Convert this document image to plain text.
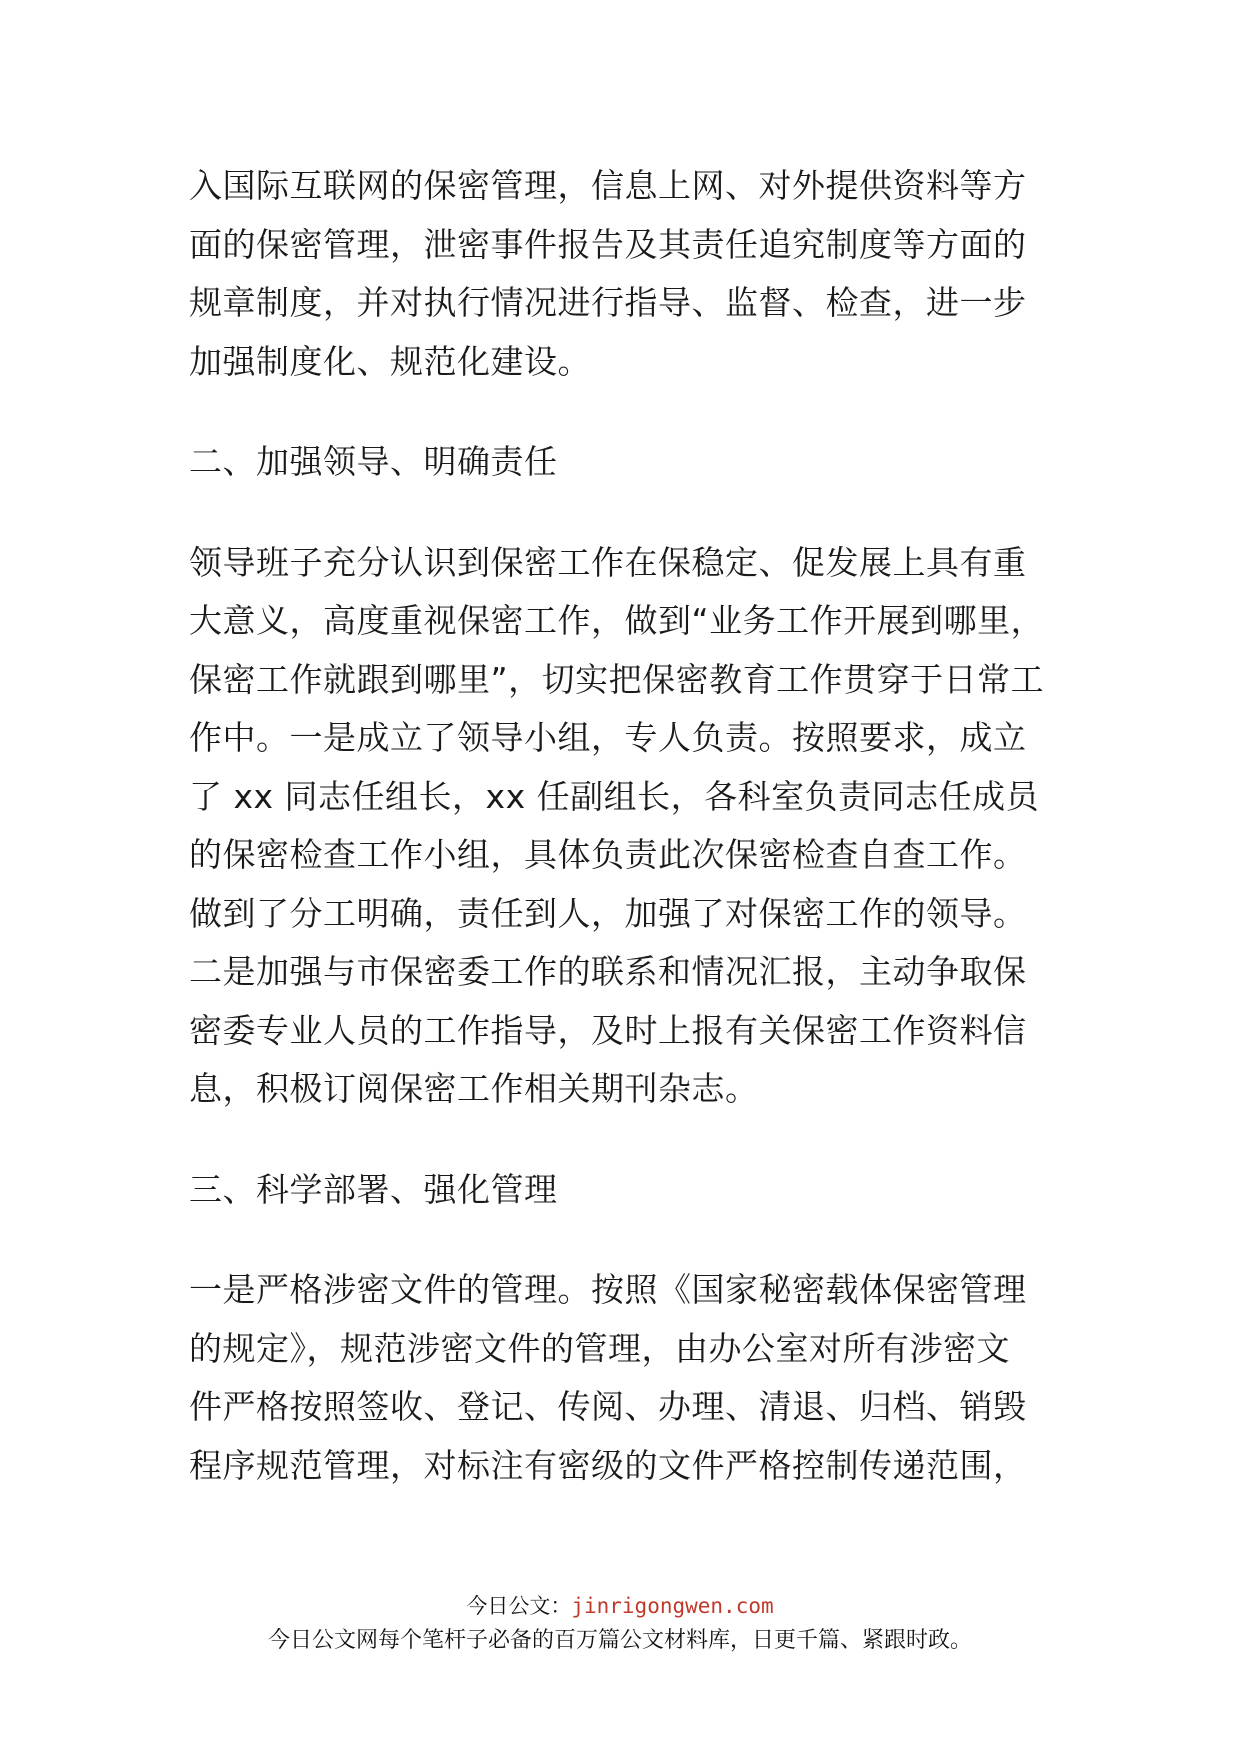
入国际互联网的保密管理，信息上网、对外提供资料等方
面的保密管理，泄密事件报告及其责任追究制度等方面的
规章制度，并对执行情况进行指导、监督、检查，进一步
加强制度化、规范化建设。
二、加强领导、明确责任
领导班子充分认识到保密工作在保稳定、促发展上具有重
大意义，高度重视保密工作，做到“业务工作开展到哪里，
保密工作就跟到哪里”，切实把保密教育工作贯穿于日常工
作中。一是成立了领导小组，专人负责。按照要求，成立
了 xx 同志任组长，xx 任副组长，各科室负责同志任成员
的保密检查工作小组，具体负责此次保密检查自查工作。
做到了分工明确，责任到人，加强了对保密工作的领导。
二是加强与市保密委工作的联系和情况汇报，主动争取保
密委专业人员的工作指导，及时上报有关保密工作资料信
息，积极订阅保密工作相关期刊杂志。
三、科学部署、强化管理
一是严格涉密文件的管理。按照《国家秘密载体保密管理
的规定》，规范涉密文件的管理，由办公室对所有涉密文
件严格按照签收、登记、传阅、办理、清退、归档、销毁
程序规范管理，对标注有密级的文件严格控制传递范围，
今日公文：jinrigongwen.com
今日公文网每个笔杆子必备的百万篇公文材料库，日更千篇、紧跟时政。
